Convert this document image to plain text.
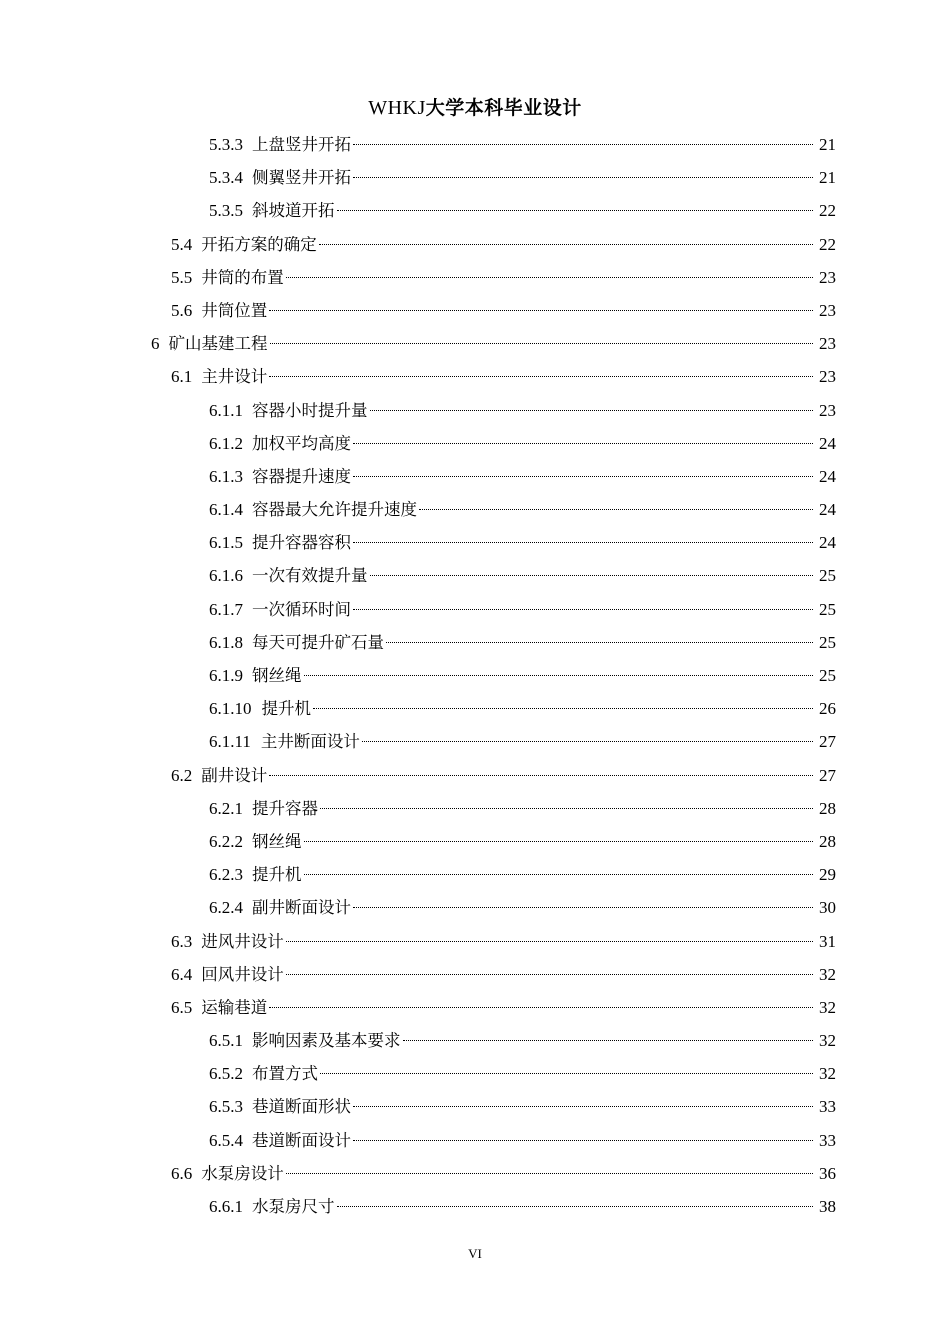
WHKJ大学本科毕业设计
5.3.3 上盘竖井开拓	21
5.3.4 侧翼竖井开拓	21
5.3.5 斜坡道开拓	22
5.4 开拓方案的确定	22
5.5 井筒的布置	23
5.6 井筒位置	23
6 矿山基建工程	23
6.1 主井设计	23
6.1.1 容器小时提升量	23
6.1.2 加权平均高度	24
6.1.3 容器提升速度	24
6.1.4 容器最大允许提升速度	24
6.1.5 提升容器容积	24
6.1.6 一次有效提升量	25
6.1.7 一次循环时间	25
6.1.8 每天可提升矿石量	25
6.1.9 钢丝绳	25
6.1.10 提升机	26
6.1.11 主井断面设计	27
6.2 副井设计	27
6.2.1 提升容器	28
6.2.2 钢丝绳	28
6.2.3 提升机	29
6.2.4 副井断面设计	30
6.3 进风井设计	31
6.4 回风井设计	32
6.5 运输巷道	32
6.5.1 影响因素及基本要求	32
6.5.2 布置方式	32
6.5.3 巷道断面形状	33
6.5.4 巷道断面设计	33
6.6 水泵房设计	36
6.6.1 水泵房尺寸	38
VI
